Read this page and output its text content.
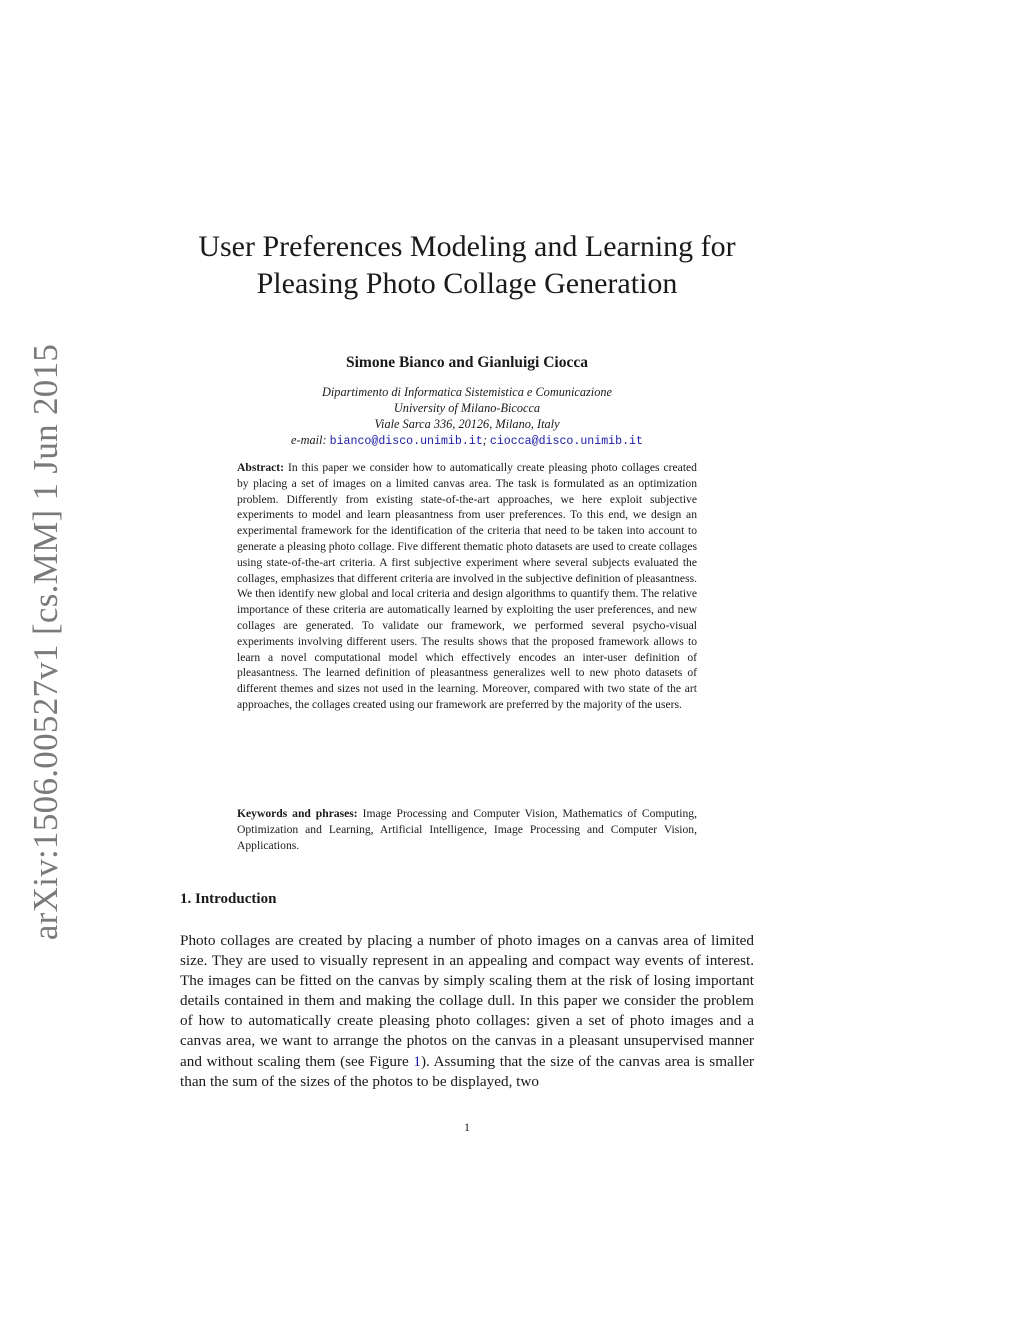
arXiv:1506.00527v1 [cs.MM] 1 Jun 2015
User Preferences Modeling and Learning for Pleasing Photo Collage Generation

Simone Bianco and Gianluigi Ciocca

Dipartimento di Informatica Sistemistica e Comunicazione
University of Milano-Bicocca
Viale Sarca 336, 20126, Milano, Italy
e-mail: bianco@disco.unimib.it; ciocca@disco.unimib.it

Abstract: In this paper we consider how to automatically create pleasing photo collages created by placing a set of images on a limited canvas area. The task is formulated as an optimization problem. Differently from existing state-of-the-art approaches, we here exploit subjective experiments to model and learn pleasantness from user preferences. To this end, we design an experimental framework for the identification of the criteria that need to be taken into account to generate a pleasing photo collage. Five different thematic photo datasets are used to create collages using state-of-the-art criteria. A first subjective experiment where several subjects evaluated the collages, emphasizes that different criteria are involved in the subjective definition of pleasantness. We then identify new global and local criteria and design algorithms to quantify them. The relative importance of these criteria are automatically learned by exploiting the user preferences, and new collages are generated. To validate our framework, we performed several psycho-visual experiments involving different users. The results shows that the proposed framework allows to learn a novel computational model which effectively encodes an inter-user definition of pleasantness. The learned definition of pleasantness generalizes well to new photo datasets of different themes and sizes not used in the learning. Moreover, compared with two state of the art approaches, the collages created using our framework are preferred by the majority of the users.

Keywords and phrases: Image Processing and Computer Vision, Mathematics of Computing, Optimization and Learning, Artificial Intelligence, Image Processing and Computer Vision, Applications.

1. Introduction

Photo collages are created by placing a number of photo images on a canvas area of limited size. They are used to visually represent in an appealing and compact way events of interest. The images can be fitted on the canvas by simply scaling them at the risk of losing important details contained in them and making the collage dull. In this paper we consider the problem of how to automatically create pleasing photo collages: given a set of photo images and a canvas area, we want to arrange the photos on the canvas in a pleasant unsupervised manner and without scaling them (see Figure 1). Assuming that the size of the canvas area is smaller than the sum of the sizes of the photos to be displayed, two

1
